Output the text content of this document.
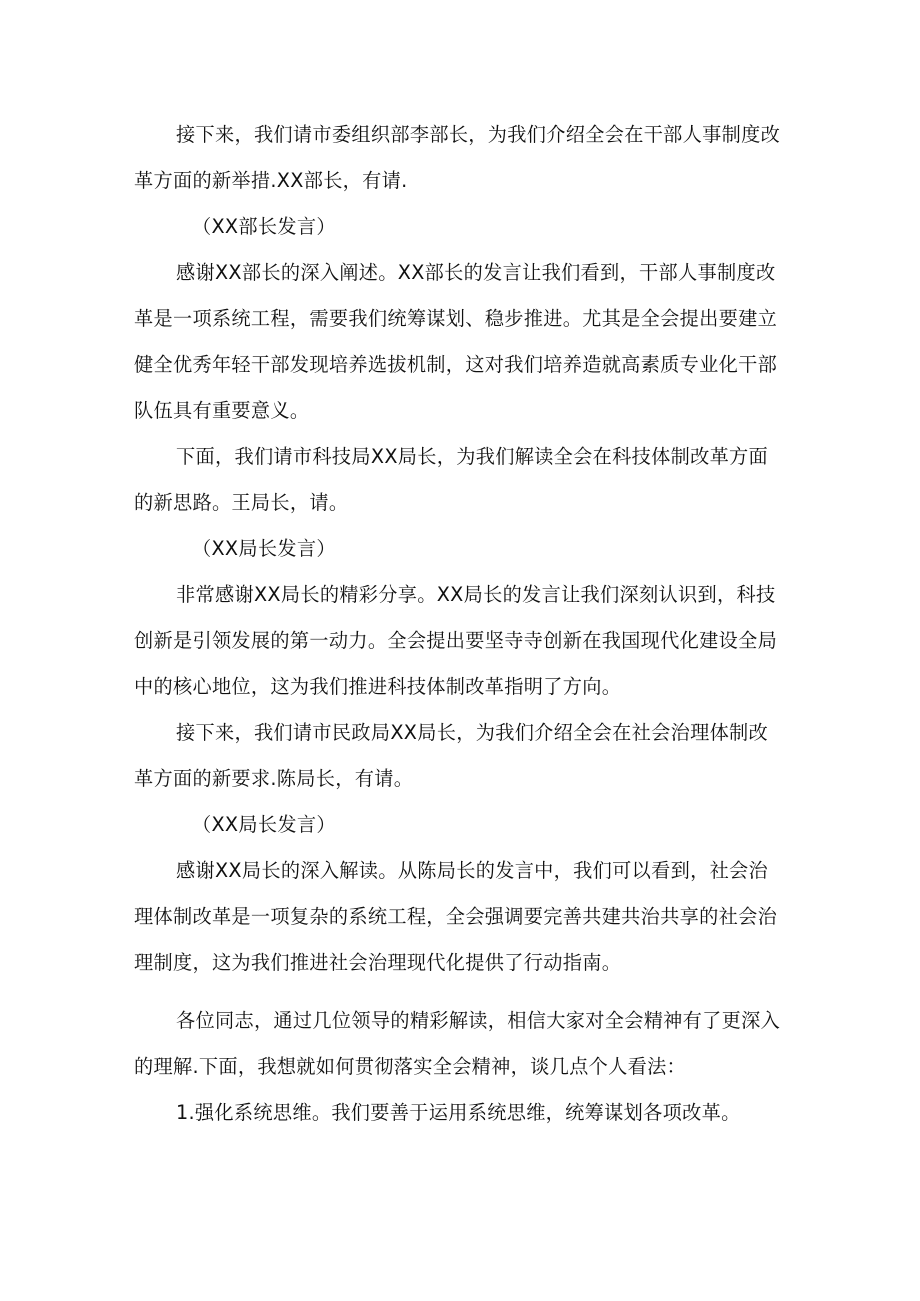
接下来，我们请市委组织部李部长，为我们介绍全会在干部人事制度改革方面的新举措.XX部长，有请.

（XX部长发言）

感谢XX部长的深入阐述。XX部长的发言让我们看到，干部人事制度改革是一项系统工程，需要我们统筹谋划、稳步推进。尤其是全会提出要建立健全优秀年轻干部发现培养选拔机制，这对我们培养造就高素质专业化干部队伍具有重要意义。

下面，我们请市科技局XX局长，为我们解读全会在科技体制改革方面的新思路。王局长，请。

（XX局长发言）

非常感谢XX局长的精彩分享。XX局长的发言让我们深刻认识到，科技创新是引领发展的第一动力。全会提出要坚寺寺创新在我国现代化建设全局中的核心地位，这为我们推进科技体制改革指明了方向。

接下来，我们请市民政局XX局长，为我们介绍全会在社会治理体制改革方面的新要求.陈局长，有请。

（XX局长发言）

感谢XX局长的深入解读。从陈局长的发言中，我们可以看到，社会治理体制改革是一项复杂的系统工程，全会强调要完善共建共治共享的社会治理制度，这为我们推进社会治理现代化提供了行动指南。

各位同志，通过几位领导的精彩解读，相信大家对全会精神有了更深入的理解.下面，我想就如何贯彻落实全会精神，谈几点个人看法：

1.强化系统思维。我们要善于运用系统思维，统筹谋划各项改革。
